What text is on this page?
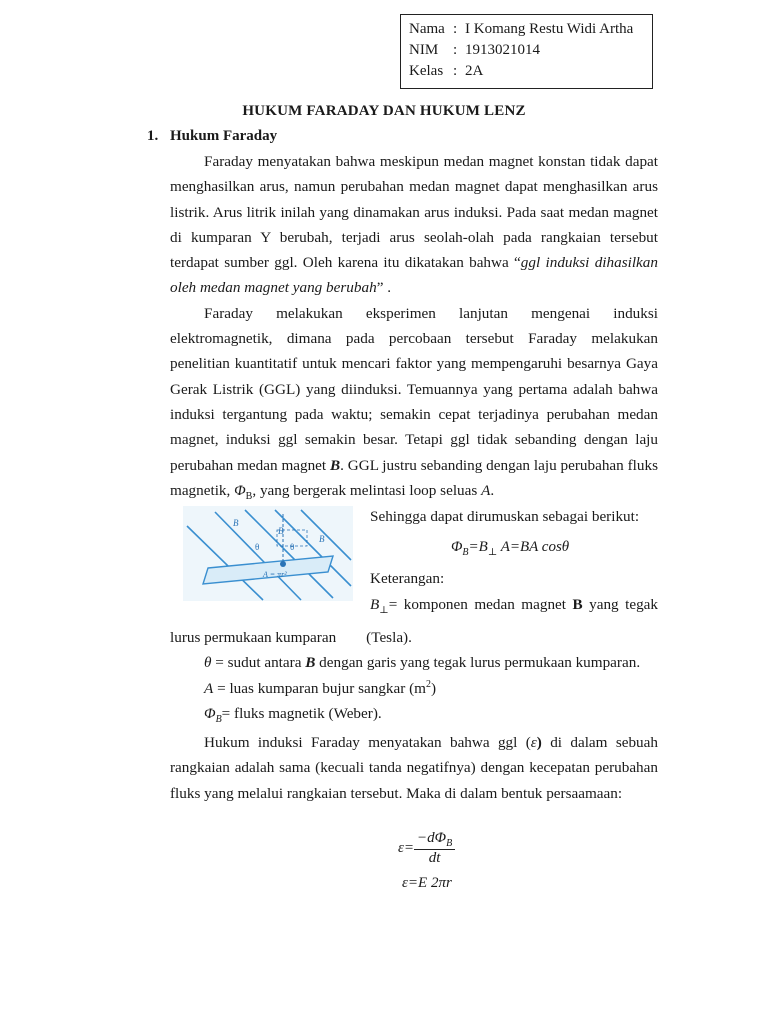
Nama : I Komang Restu Widi Artha
NIM : 1913021014
Kelas : 2A
HUKUM FARADAY DAN HUKUM LENZ
1. Hukum Faraday

Faraday menyatakan bahwa meskipun medan magnet konstan tidak dapat menghasilkan arus, namun perubahan medan magnet dapat menghasilkan arus listrik. Arus litrik inilah yang dinamakan arus induksi. Pada saat medan magnet di kumparan Y berubah, terjadi arus seolah-olah pada rangkaian tersebut terdapat sumber ggl. Oleh karena itu dikatakan bahwa “ggl induksi dihasilkan oleh medan magnet yang berubah” .

Faraday melakukan eksperimen lanjutan mengenai induksi elektromagnetik, dimana pada percobaan tersebut Faraday melakukan penelitian kuantitatif untuk mencari faktor yang mempengaruhi besarnya Gaya Gerak Listrik (GGL) yang diinduksi. Temuannya yang pertama adalah bahwa induksi tergantung pada waktu; semakin cepat terjadinya perubahan medan magnet, induksi ggl semakin besar. Tetapi ggl tidak sebanding dengan laju perubahan medan magnet B. GGL justru sebanding dengan laju perubahan fluks magnetik, $\Phi_B$, yang bergerak melintasi loop seluas A.

B
B
B
θ	θ
A = πr²
Sehingga dapat dirumuskan sebagai berikut:
$\Phi_B=B_\perp$ A=BA cosθ
Keterangan:
$B_\perp=$ komponen medan magnet B yang tegak
lurus permukaan kumparan (Tesla).
θ = sudut antara B dengan garis yang tegak lurus permukaan kumparan.
A = luas kumparan bujur sangkar $(m^2)$
$\Phi_B=$ fluks magnetik (Weber).

Hukum induksi Faraday menyatakan bahwa ggl (ε) di dalam sebuah rangkaian adalah sama (kecuali tanda negatifnya) dengan kecepatan perubahan fluks yang melalui rangkaian tersebut. Maka di dalam bentuk persaamaan:

$\varepsilon= \frac{-d\Phi_B}{dt}$
ε=E 2πr
